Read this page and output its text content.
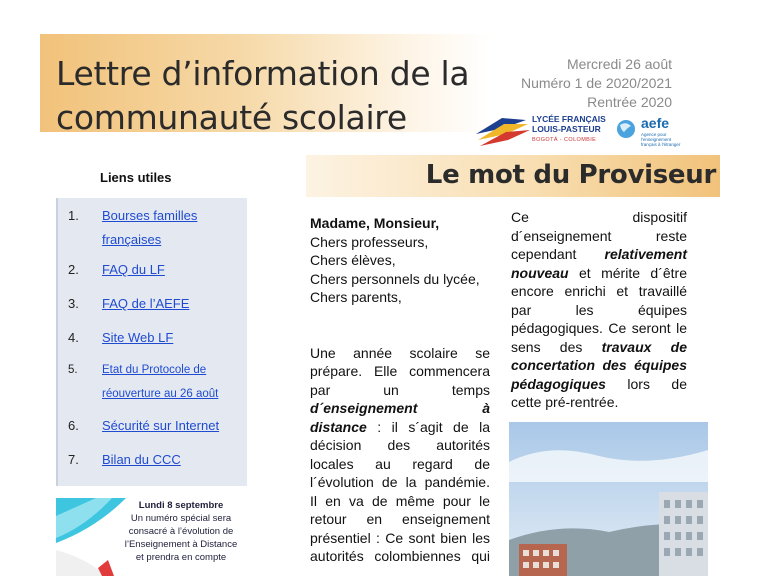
Lettre d’information de la
communauté scolaire
Mercredi 26 août
Numéro 1 de 2020/2021
Rentrée 2020
LYCÉE FRANÇAIS
LOUIS-PASTEUR
BOGOTÁ - COLOMBIE
aefe
Agence pour l'enseignement français à l'étranger
Liens utiles
1.	Bourses familles
françaises
2.	FAQ du LF
3.	FAQ de l’AEFE
4.	Site Web LF
5.	Etat du Protocole de
réouverture au 26 août
6.	Sécurité sur Internet
7.	Bilan du CCC
Lundi 8 septembre
Un numéro spécial sera
consacré à l’évolution de
l’Enseignement à Distance
et prendra en compte
Le mot du Proviseur
Madame, Monsieur,
Chers professeurs,
Chers élèves,
Chers personnels du lycée,
Chers parents,
Une année scolaire se
prépare. Elle commencera
par un temps
d´enseignement à
distance : il s´agit de la
décision des autorités
locales au regard de
l´évolution de la pandémie.
Il en va de même pour le
retour en enseignement
présentiel : Ce sont bien les
autorités colombiennes qui
Ce dispositif
d´enseignement reste
cependant relativement
nouveau et mérite d´être
encore enrichi et travaillé
par les équipes
pédagogiques. Ce seront le
sens des travaux de
concertation des équipes
pédagogiques lors de
cette pré-rentrée.
